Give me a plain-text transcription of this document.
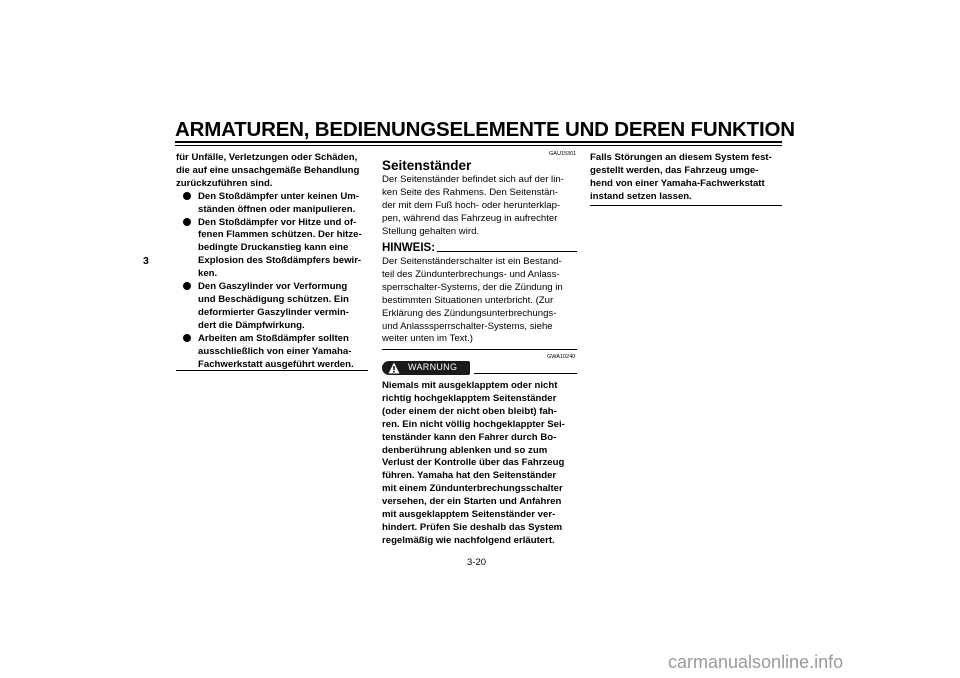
ARMATUREN, BEDIENUNGSELEMENTE UND DEREN FUNKTION
3
für Unfälle, Verletzungen oder Schäden,
die auf eine unsachgemäße Behandlung
zurückzuführen sind.
Den Stoßdämpfer unter keinen Um-
ständen öffnen oder manipulieren.
Den Stoßdämpfer vor Hitze und of-
fenen Flammen schützen. Der hitze-
bedingte Druckanstieg kann eine
Explosion des Stoßdämpfers bewir-
ken.
Den Gaszylinder vor Verformung
und Beschädigung schützen. Ein
deformierter Gaszylinder vermin-
dert die Dämpfwirkung.
Arbeiten am Stoßdämpfer sollten
ausschließlich von einer Yamaha-
Fachwerkstatt ausgeführt werden.
GAU15301
Seitenständer
Der Seitenständer befindet sich auf der lin-
ken Seite des Rahmens. Den Seitenstän-
der mit dem Fuß hoch- oder herunterklap-
pen, während das Fahrzeug in aufrechter
Stellung gehalten wird.
HINWEIS:
Der Seitenständerschalter ist ein Bestand-
teil des Zündunterbrechungs- und Anlass-
sperrschalter-Systems, der die Zündung in
bestimmten Situationen unterbricht. (Zur
Erklärung des Zündungsunterbrechungs-
und Anlasssperrschalter-Systems, siehe
weiter unten im Text.)
GWA10240
WARNUNG
Niemals mit ausgeklapptem oder nicht
richtig hochgeklapptem Seitenständer
(oder einem der nicht oben bleibt) fah-
ren. Ein nicht völlig hochgeklappter Sei-
tenständer kann den Fahrer durch Bo-
denberührung ablenken und so zum
Verlust der Kontrolle über das Fahrzeug
führen. Yamaha hat den Seitenständer
mit einem Zündunterbrechungsschalter
versehen, der ein Starten und Anfahren
mit ausgeklapptem Seitenständer ver-
hindert. Prüfen Sie deshalb das System
regelmäßig wie nachfolgend erläutert.
Falls Störungen an diesem System fest-
gestellt werden, das Fahrzeug umge-
hend von einer Yamaha-Fachwerkstatt
instand setzen lassen.
3-20
carmanualsonline.info
